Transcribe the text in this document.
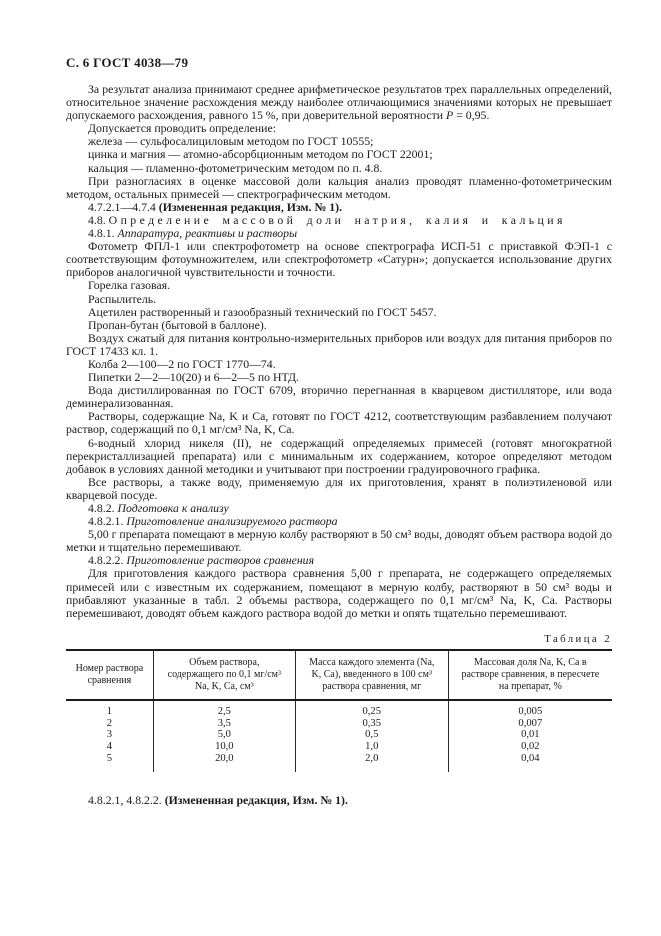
С. 6 ГОСТ 4038—79

За результат анализа принимают среднее арифметическое результатов трех параллельных определений, относительное значение расхождения между наиболее отличающимися значениями которых не превышает допускаемого расхождения, равного 15 %, при доверительной вероятности Р = 0,95.

Допускается проводить определение:

железа — сульфосалициловым методом по ГОСТ 10555;

цинка и магния — атомно-абсорбционным методом по ГОСТ 22001;

кальция — пламенно-фотометрическим методом по п. 4.8.

При разногласиях в оценке массовой доли кальция анализ проводят пламенно-фотометрическим методом, остальных примесей — спектрографическим методом.

4.7.2.1—4.7.4 (Измененная редакция, Изм. № 1).

4.8. Определение массовой доли натрия, калия и кальция

4.8.1. Аппаратура, реактивы и растворы

Фотометр ФПЛ-1 или спектрофотометр на основе спектрографа ИСП-51 с приставкой ФЭП-1 с соответствующим фотоумножителем, или спектрофотометр «Сатурн»; допускается использование других приборов аналогичной чувствительности и точности.

Горелка газовая.

Распылитель.

Ацетилен растворенный и газообразный технический по ГОСТ 5457.

Пропан-бутан (бытовой в баллоне).

Воздух сжатый для питания контрольно-измерительных приборов или воздух для питания приборов по ГОСТ 17433 кл. 1.

Колба 2—100—2 по ГОСТ 1770—74.

Пипетки 2—2—10(20) и 6—2—5 по НТД.

Вода дистиллированная по ГОСТ 6709, вторично перегнанная в кварцевом дистилляторе, или вода деминерализованная.

Растворы, содержащие Na, K и Ca, готовят по ГОСТ 4212, соответствующим разбавлением получают раствор, содержащий по 0,1 мг/см³ Na, K, Ca.

6-водный хлорид никеля (II), не содержащий определяемых примесей (готовят многократной перекристаллизацией препарата) или с минимальным их содержанием, которое определяют методом добавок в условиях данной методики и учитывают при построении градуировочного графика.

Все растворы, а также воду, применяемую для их приготовления, хранят в полиэтиленовой или кварцевой посуде.

4.8.2. Подготовка к анализу

4.8.2.1. Приготовление анализируемого раствора

5,00 г препарата помещают в мерную колбу растворяют в 50 см³ воды, доводят объем раствора водой до метки и тщательно перемешивают.

4.8.2.2. Приготовление растворов сравнения

Для приготовления каждого раствора сравнения 5,00 г препарата, не содержащего определяемых примесей или с известным их содержанием, помещают в мерную колбу, растворяют в 50 см³ воды и прибавляют указанные в табл. 2 объемы раствора, содержащего по 0,1 мг/см³ Na, K, Ca. Растворы перемешивают, доводят объем каждого раствора водой до метки и опять тщательно перемешивают.

Таблица 2
Номер раствора сравнения	Объем раствора, содержащего по 0,1 мг/см³ Na, K, Ca, см³	Масса каждого элемента (Na, K, Ca), введенного в 100 см³ раствора сравнения, мг	Массовая доля Na, K, Ca в растворе сравнения, в пересчете на препарат, %
1	2,5	0,25	0,005
2	3,5	0,35	0,007
3	5,0	0,5	0,01
4	10,0	1,0	0,02
5	20,0	2,0	0,04
4.8.2.1, 4.8.2.2. (Измененная редакция, Изм. № 1).
